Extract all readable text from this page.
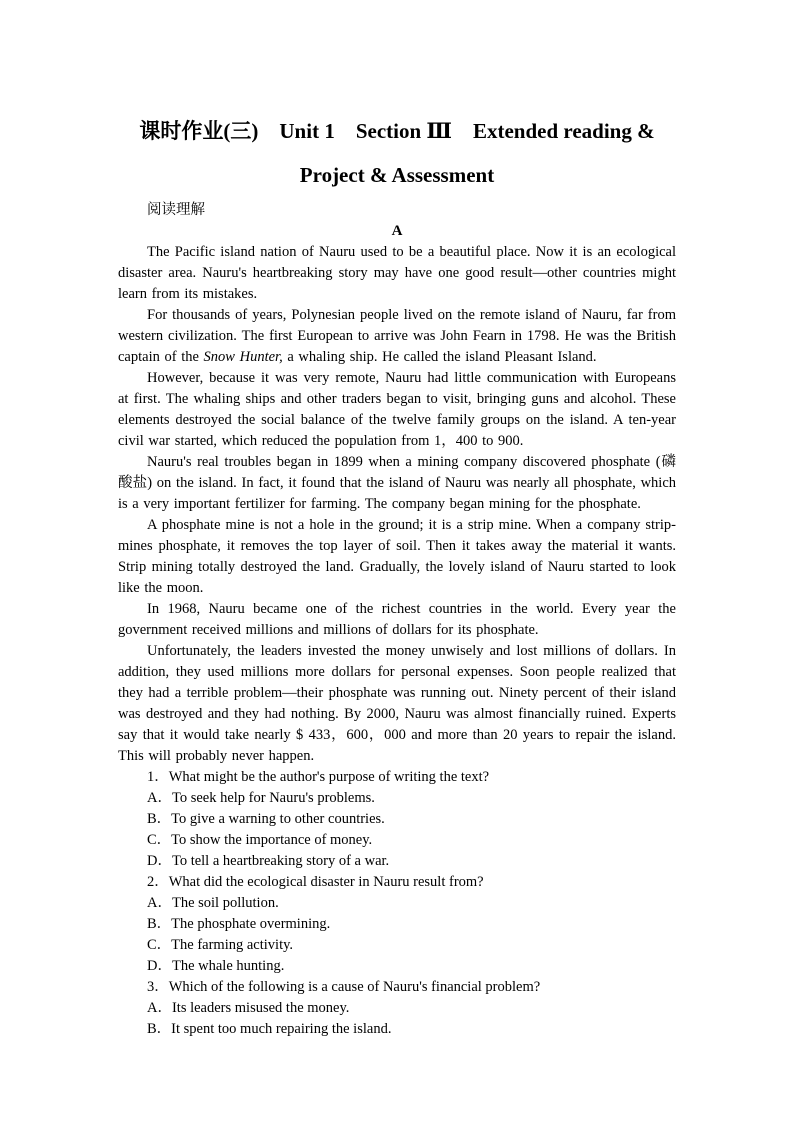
课时作业(三)　Unit 1　Section Ⅲ　Extended reading &
Project & Assessment
阅读理解
A

The Pacific island nation of Nauru used to be a beautiful place. Now it is an ecological disaster area. Nauru's heartbreaking story may have one good result—other countries might learn from its mistakes.

For thousands of years, Polynesian people lived on the remote island of Nauru, far from western civilization. The first European to arrive was John Fearn in 1798. He was the British captain of the Snow Hunter, a whaling ship. He called the island Pleasant Island.

However, because it was very remote, Nauru had little communication with Europeans at first. The whaling ships and other traders began to visit, bringing guns and alcohol. These elements destroyed the social balance of the twelve family groups on the island. A ten-year civil war started, which reduced the population from 1，400 to 900.

Nauru's real troubles began in 1899 when a mining company discovered phosphate (磷酸盐) on the island. In fact, it found that the island of Nauru was nearly all phosphate, which is a very important fertilizer for farming. The company began mining for the phosphate.

A phosphate mine is not a hole in the ground; it is a strip mine. When a company strip-mines phosphate, it removes the top layer of soil. Then it takes away the material it wants. Strip mining totally destroyed the land. Gradually, the lovely island of Nauru started to look like the moon.

In 1968, Nauru became one of the richest countries in the world. Every year the government received millions and millions of dollars for its phosphate.

Unfortunately, the leaders invested the money unwisely and lost millions of dollars. In addition, they used millions more dollars for personal expenses. Soon people realized that they had a terrible problem—their phosphate was running out. Ninety percent of their island was destroyed and they had nothing. By 2000, Nauru was almost financially ruined. Experts say that it would take nearly $ 433，600，000 and more than 20 years to repair the island. This will probably never happen.

1．What might be the author's purpose of writing the text?
A．To seek help for Nauru's problems.
B．To give a warning to other countries.
C．To show the importance of money.
D．To tell a heartbreaking story of a war.
2．What did the ecological disaster in Nauru result from?
A．The soil pollution.
B．The phosphate overmining.
C．The farming activity.
D．The whale hunting.
3．Which of the following is a cause of Nauru's financial problem?
A．Its leaders misused the money.
B．It spent too much repairing the island.
